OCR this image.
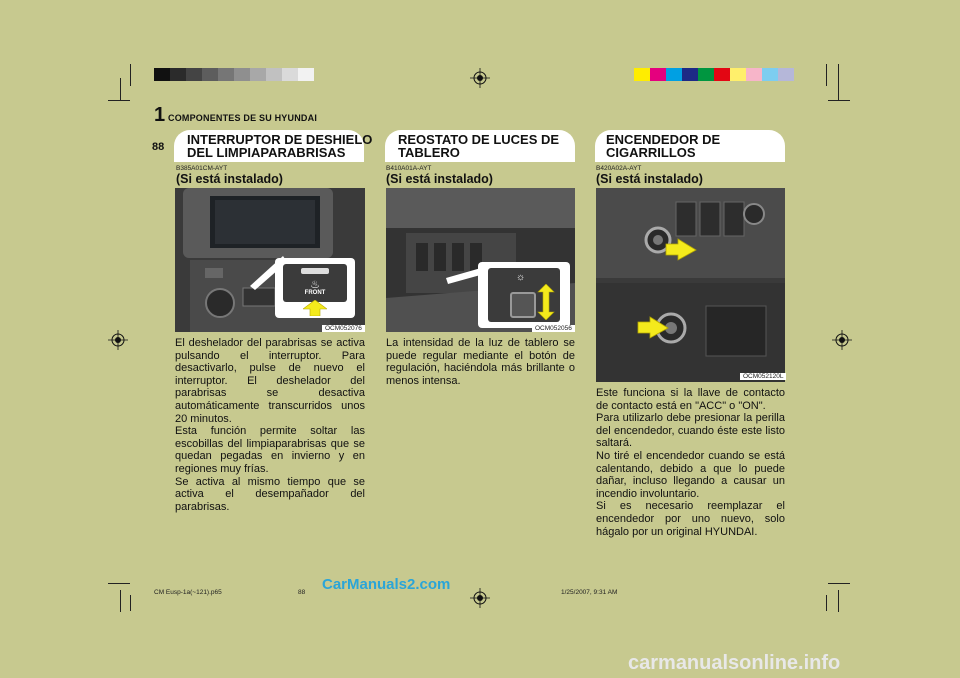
1 COMPONENTES DE SU HYUNDAI
88 INTERRUPTOR DE DESHIELO
DEL LIMPIAPARABRISAS
B385A01CM-AYT
(Si está instalado)
♨
FRONT
OCM052076

El deshelador del parabrisas se activa pulsando el interruptor. Para desactivarlo, pulse de nuevo el interruptor. El deshelador del parabrisas se desactiva automáticamente transcurridos unos 20 minutos.

Esta función permite soltar las escobillas del limpiaparabrisas que se quedan pegadas en invierno y en regiones muy frías.

Se activa al mismo tiempo que se activa el desempañador del parabrisas.

REOSTATO DE LUCES DE
TABLERO
B410A01A-AYT
(Si está instalado)
☼
OCM052056

La intensidad de la luz de tablero se puede regular mediante el botón de regulación, haciéndola más brillante o menos intensa.

ENCENDEDOR DE
CIGARRILLOS
B420A02A-AYT
(Si está instalado)
OCM052120L

Este funciona si la llave de contacto de contacto está en "ACC" o "ON".

Para utilizarlo debe presionar la perilla del encendedor, cuando éste este listo saltará.

No tiré el encendedor cuando se está calentando, debido a que lo puede dañar, incluso llegando a causar un incendio involuntario.

Si es necesario reemplazar el encendedor por uno nuevo, solo hágalo por un original HYUNDAI.

CM Eusp-1a(~121).p65	88	1/25/2007, 9:31 AM
CarManuals2.com
carmanualsonline.info
